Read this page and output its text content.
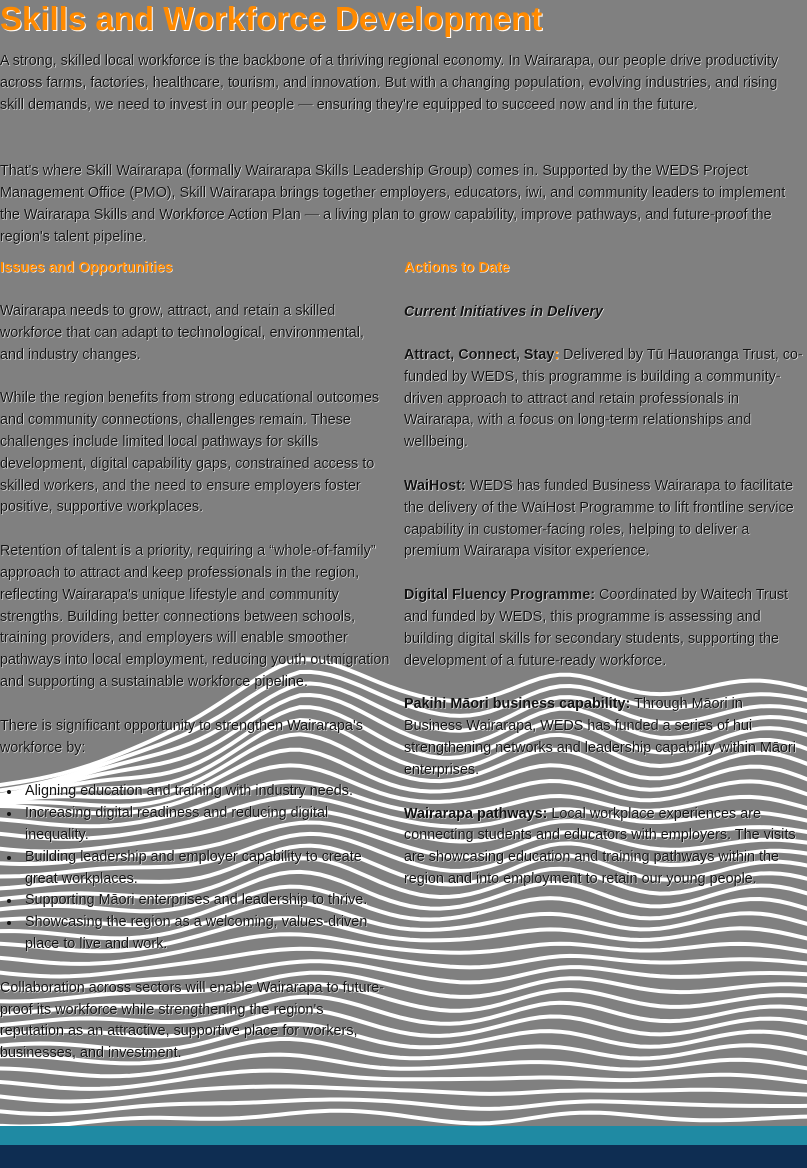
Skills and Workforce Development

A strong, skilled local workforce is the backbone of a thriving regional economy. In Wairarapa, our people drive productivity across farms, factories, healthcare, tourism, and innovation. But with a changing population, evolving industries, and rising skill demands, we need to invest in our people — ensuring they're equipped to succeed now and in the future.

That's where Skill Wairarapa (formally Wairarapa Skills Leadership Group) comes in. Supported by the WEDS Project Management Office (PMO), Skill Wairarapa brings together employers, educators, iwi, and community leaders to implement the Wairarapa Skills and Workforce Action Plan — a living plan to grow capability, improve pathways, and future-proof the region's talent pipeline.

Issues and Opportunities

Wairarapa needs to grow, attract, and retain a skilled workforce that can adapt to technological, environmental, and industry changes.

While the region benefits from strong educational outcomes and community connections, challenges remain. These challenges include limited local pathways for skills development, digital capability gaps, constrained access to skilled workers, and the need to ensure employers foster positive, supportive workplaces.

Retention of talent is a priority, requiring a “whole-of-family” approach to attract and keep professionals in the region, reflecting Wairarapa's unique lifestyle and community strengths. Building better connections between schools, training providers, and employers will enable smoother pathways into local employment, reducing youth outmigration and supporting a sustainable workforce pipeline.

There is significant opportunity to strengthen Wairarapa's workforce by:

Aligning education and training with industry needs.
Increasing digital readiness and reducing digital inequality.
Building leadership and employer capability to create great workplaces.
Supporting Māori enterprises and leadership to thrive.
Showcasing the region as a welcoming, values-driven place to live and work.

Collaboration across sectors will enable Wairarapa to future-proof its workforce while strengthening the region's reputation as an attractive, supportive place for workers, businesses, and investment.

Actions to Date

Current Initiatives in Delivery

Attract, Connect, Stay: Delivered by Tū Hauoranga Trust, co-funded by WEDS, this programme is building a community-driven approach to attract and retain professionals in Wairarapa, with a focus on long-term relationships and wellbeing.

WaiHost: WEDS has funded Business Wairarapa to facilitate the delivery of the WaiHost Programme to lift frontline service capability in customer-facing roles, helping to deliver a premium Wairarapa visitor experience.

Digital Fluency Programme: Coordinated by Waitech Trust and funded by WEDS, this programme is assessing and building digital skills for secondary students, supporting the development of a future-ready workforce.

Pakihi Māori business capability: Through Māori in Business Wairarapa, WEDS has funded a series of hui strengthening networks and leadership capability within Māori enterprises.

Wairarapa pathways: Local workplace experiences are connecting students and educators with employers. The visits are showcasing education and training pathways within the region and into employment to retain our young people.
